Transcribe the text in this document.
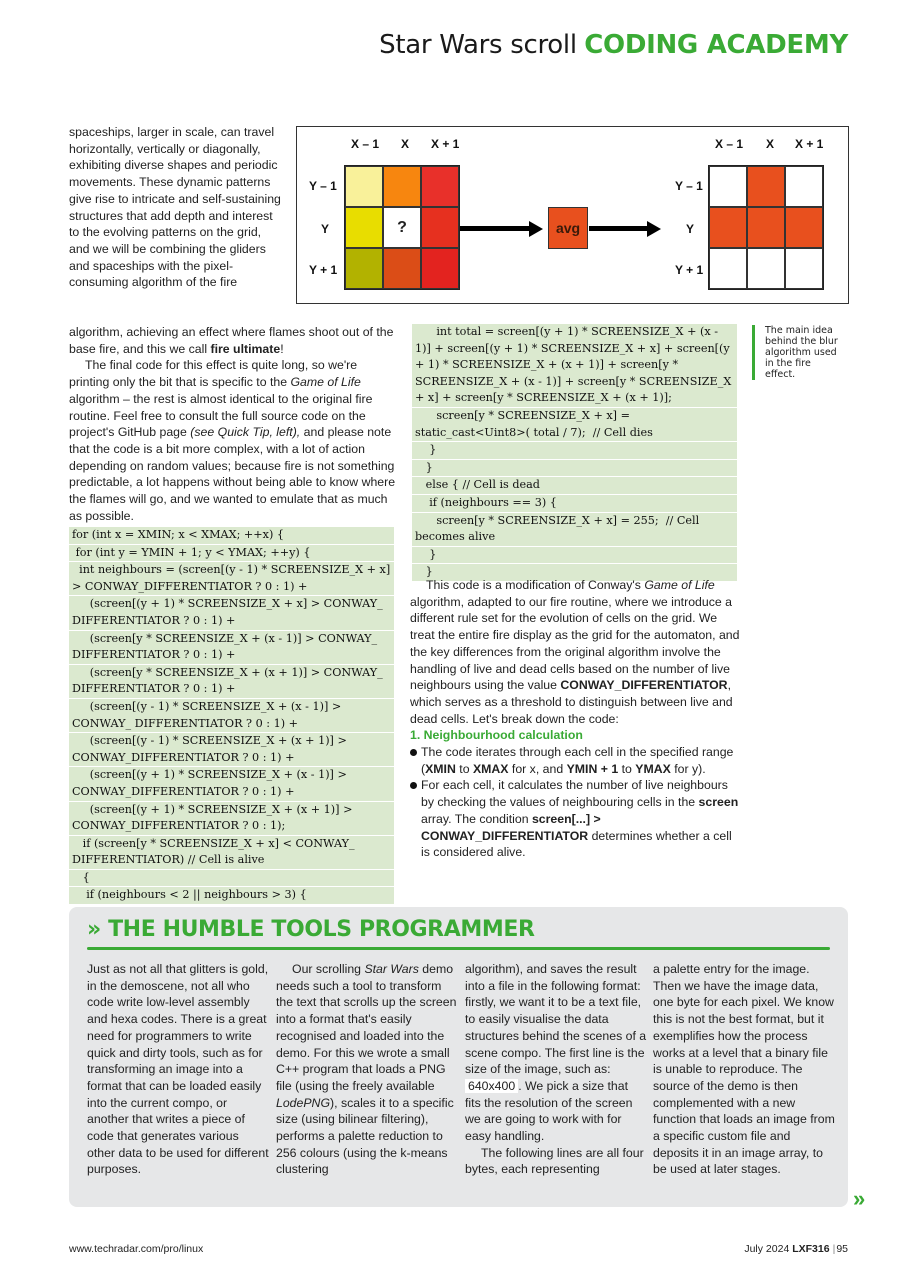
Star Wars scroll CODING ACADEMY

spaceships, larger in scale, can travel horizontally, vertically or diagonally, exhibiting diverse shapes and periodic movements. These dynamic patterns give rise to intricate and self-sustaining structures that add depth and interest to the evolving patterns on the grid, and we will be combining the gliders and spaceships with the pixel-consuming algorithm of the fire

X – 1 X X + 1
Y – 1
Y
Y + 1
?	avg
X – 1 X X + 1
Y – 1
Y
Y + 1
The main idea behind the blur algorithm used in the fire effect.

algorithm, achieving an effect where flames shoot out of the base fire, and this we call fire ultimate!

The final code for this effect is quite long, so we're printing only the bit that is specific to the Game of Life algorithm – the rest is almost identical to the original fire routine. Feel free to consult the full source code on the project's GitHub page (see Quick Tip, left), and please note that the code is a bit more complex, with a lot of action depending on random values; because fire is not something predictable, a lot happens without being able to know where the flames will go, and we wanted to emulate that as much as possible.

for (int x = XMIN; x < XMAX; ++x) {
for (int y = YMIN + 1; y < YMAX; ++y) {
int neighbours = (screen[(y - 1) * SCREENSIZE_X + x] > CONWAY_DIFFERENTIATOR ? 0 : 1) +
(screen[(y + 1) * SCREENSIZE_X + x] > CONWAY_ DIFFERENTIATOR ? 0 : 1) +
(screen[y * SCREENSIZE_X + (x - 1)] > CONWAY_ DIFFERENTIATOR ? 0 : 1) +
(screen[y * SCREENSIZE_X + (x + 1)] > CONWAY_ DIFFERENTIATOR ? 0 : 1) +
(screen[(y - 1) * SCREENSIZE_X + (x - 1)] > CONWAY_ DIFFERENTIATOR ? 0 : 1) +
(screen[(y - 1) * SCREENSIZE_X + (x + 1)] > CONWAY_DIFFERENTIATOR ? 0 : 1) +
(screen[(y + 1) * SCREENSIZE_X + (x - 1)] > CONWAY_DIFFERENTIATOR ? 0 : 1) +
(screen[(y + 1) * SCREENSIZE_X + (x + 1)] > CONWAY_DIFFERENTIATOR ? 0 : 1);
if (screen[y * SCREENSIZE_X + x] < CONWAY_ DIFFERENTIATOR) // Cell is alive
{
if (neighbours < 2 || neighbours > 3) {
int total = screen[(y + 1) * SCREENSIZE_X + (x - 1)] + screen[(y + 1) * SCREENSIZE_X + x] + screen[(y + 1) * SCREENSIZE_X + (x + 1)] + screen[y * SCREENSIZE_X + (x - 1)] + screen[y * SCREENSIZE_X + x] + screen[y * SCREENSIZE_X + (x + 1)];
screen[y * SCREENSIZE_X + x] = static_cast<Uint8>( total / 7);  // Cell dies
}
}
else { // Cell is dead
if (neighbours == 3) {
screen[y * SCREENSIZE_X + x] = 255;  // Cell becomes alive
}
}

This code is a modification of Conway's Game of Life algorithm, adapted to our fire routine, where we introduce a different rule set for the evolution of cells on the grid. We treat the entire fire display as the grid for the automaton, and the key differences from the original algorithm involve the handling of live and dead cells based on the number of live neighbours using the value CONWAY_DIFFERENTIATOR, which serves as a threshold to distinguish between live and dead cells. Let's break down the code:

1. Neighbourhood calculation

The code iterates through each cell in the specified range (XMIN to XMAX for x, and YMIN + 1 to YMAX for y).

For each cell, it calculates the number of live neighbours by checking the values of neighbouring cells in the screen array. The condition screen[...] > CONWAY_DIFFERENTIATOR determines whether a cell is considered alive.

» THE HUMBLE TOOLS PROGRAMMER

Just as not all that glitters is gold, in the demoscene, not all who code write low-level assembly and hexa codes. There is a great need for programmers to write quick and dirty tools, such as for transforming an image into a format that can be loaded easily into the current compo, or another that writes a piece of code that generates various other data to be used for different purposes.

Our scrolling Star Wars demo needs such a tool to transform the text that scrolls up the screen into a format that's easily recognised and loaded into the demo. For this we wrote a small C++ program that loads a PNG file (using the freely available LodePNG), scales it to a specific size (using bilinear filtering), performs a palette reduction to 256 colours (using the k-means clustering

algorithm), and saves the result into a file in the following format: firstly, we want it to be a text file, to easily visualise the data structures behind the scenes of a scene compo. The first line is the size of the image, such as: 640x400 . We pick a size that fits the resolution of the screen we are going to work with for easy handling.

The following lines are all four bytes, each representing

a palette entry for the image. Then we have the image data, one byte for each pixel. We know this is not the best format, but it exemplifies how the process works at a level that a binary file is unable to reproduce. The source of the demo is then complemented with a new function that loads an image from a specific custom file and deposits it in an image array, to be used at later stages.

»
www.techradar.com/pro/linux	July 2024 LXF316 |95
